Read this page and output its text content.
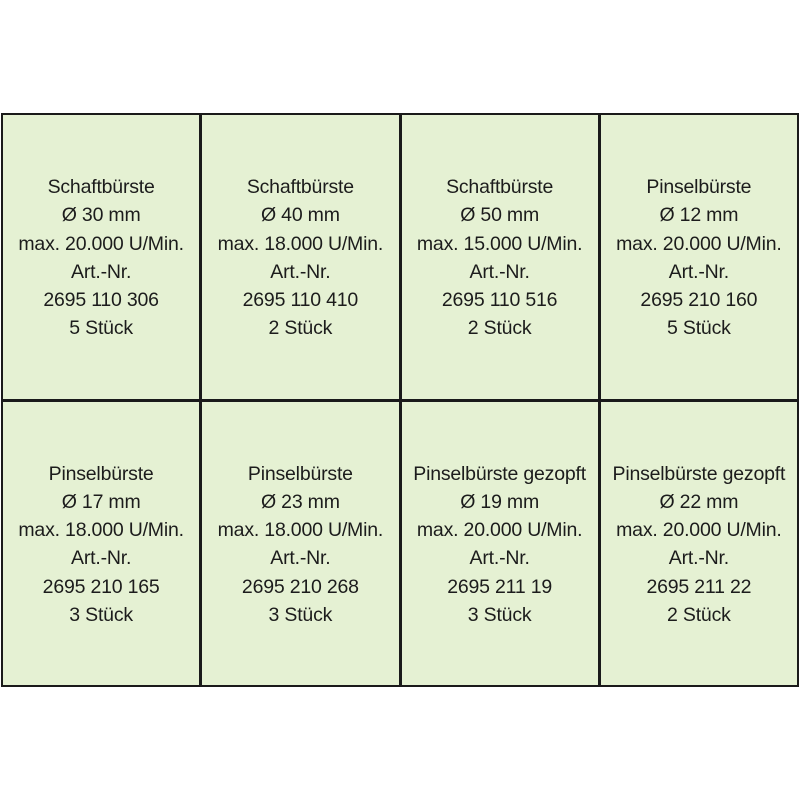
Schaftbürste
Ø 30 mm
max. 20.000 U/Min.
Art.-Nr.
2695 110 306
5 Stück
Schaftbürste
Ø 40 mm
max. 18.000 U/Min.
Art.-Nr.
2695 110 410
2 Stück
Schaftbürste
Ø 50 mm
max. 15.000 U/Min.
Art.-Nr.
2695 110 516
2 Stück
Pinselbürste
Ø 12 mm
max. 20.000 U/Min.
Art.-Nr.
2695 210 160
5 Stück
Pinselbürste
Ø 17 mm
max. 18.000 U/Min.
Art.-Nr.
2695 210 165
3 Stück
Pinselbürste
Ø 23 mm
max. 18.000 U/Min.
Art.-Nr.
2695 210 268
3 Stück
Pinselbürste gezopft
Ø 19 mm
max. 20.000 U/Min.
Art.-Nr.
2695 211 19
3 Stück
Pinselbürste gezopft
Ø 22 mm
max. 20.000 U/Min.
Art.-Nr.
2695 211 22
2 Stück
